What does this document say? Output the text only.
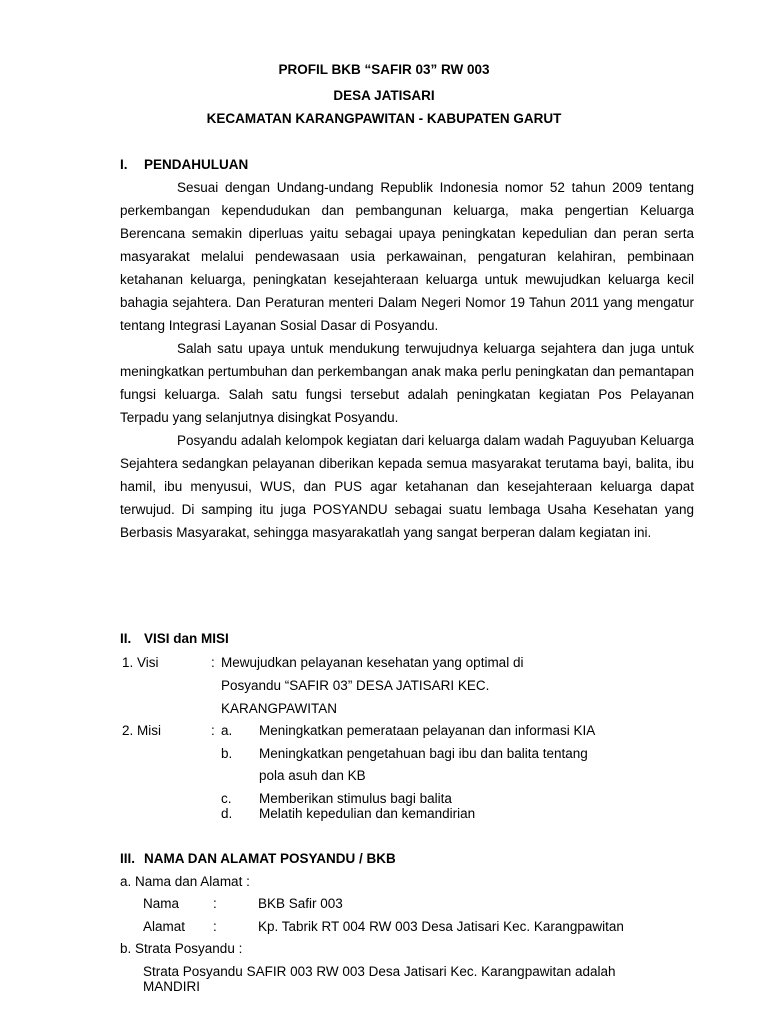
PROFIL BKB “SAFIR 03” RW 003
DESA JATISARI
KECAMATAN KARANGPAWITAN - KABUPATEN GARUT
I. PENDAHULUAN

Sesuai dengan Undang-undang Republik Indonesia nomor 52 tahun 2009 tentang perkembangan kependudukan dan pembangunan keluarga, maka pengertian Keluarga Berencana semakin diperluas yaitu sebagai upaya peningkatan kepedulian dan peran serta masyarakat melalui pendewasaan usia perkawainan, pengaturan kelahiran, pembinaan ketahanan keluarga, peningkatan kesejahteraan keluarga untuk mewujudkan keluarga kecil bahagia sejahtera. Dan Peraturan menteri Dalam Negeri Nomor 19 Tahun 2011 yang mengatur tentang Integrasi Layanan Sosial Dasar di Posyandu.

Salah satu upaya untuk mendukung terwujudnya keluarga sejahtera dan juga untuk meningkatkan pertumbuhan dan perkembangan anak maka perlu peningkatan dan pemantapan fungsi keluarga. Salah satu fungsi tersebut adalah peningkatan kegiatan Pos Pelayanan Terpadu yang selanjutnya disingkat Posyandu.

Posyandu adalah kelompok kegiatan dari keluarga dalam wadah Paguyuban Keluarga Sejahtera sedangkan pelayanan diberikan kepada semua masyarakat terutama bayi, balita, ibu hamil, ibu menyusui, WUS, dan PUS agar ketahanan dan kesejahteraan keluarga dapat terwujud. Di samping itu juga POSYANDU sebagai suatu lembaga Usaha Kesehatan yang Berbasis Masyarakat, sehingga masyarakatlah yang sangat berperan dalam kegiatan ini.

II. VISI dan MISI
1. Visi	: Mewujudkan pelayanan kesehatan yang optimal di
Posyandu “SAFIR 03” DESA JATISARI KEC.
KARANGPAWITAN
2. Misi	: a. Meningkatkan pemerataan pelayanan dan informasi KIA
b. Meningkatkan pengetahuan bagi ibu dan balita tentang
pola asuh dan KB
c. Memberikan stimulus bagi balita
d. Melatih kepedulian dan kemandirian
III. NAMA DAN ALAMAT POSYANDU / BKB
a. Nama dan Alamat :
Nama	:	BKB Safir 003
Alamat :	Kp. Tabrik RT 004 RW 003 Desa Jatisari Kec. Karangpawitan
b. Strata Posyandu :
Strata Posyandu SAFIR 003 RW 003 Desa Jatisari Kec. Karangpawitan adalah
MANDIRI
